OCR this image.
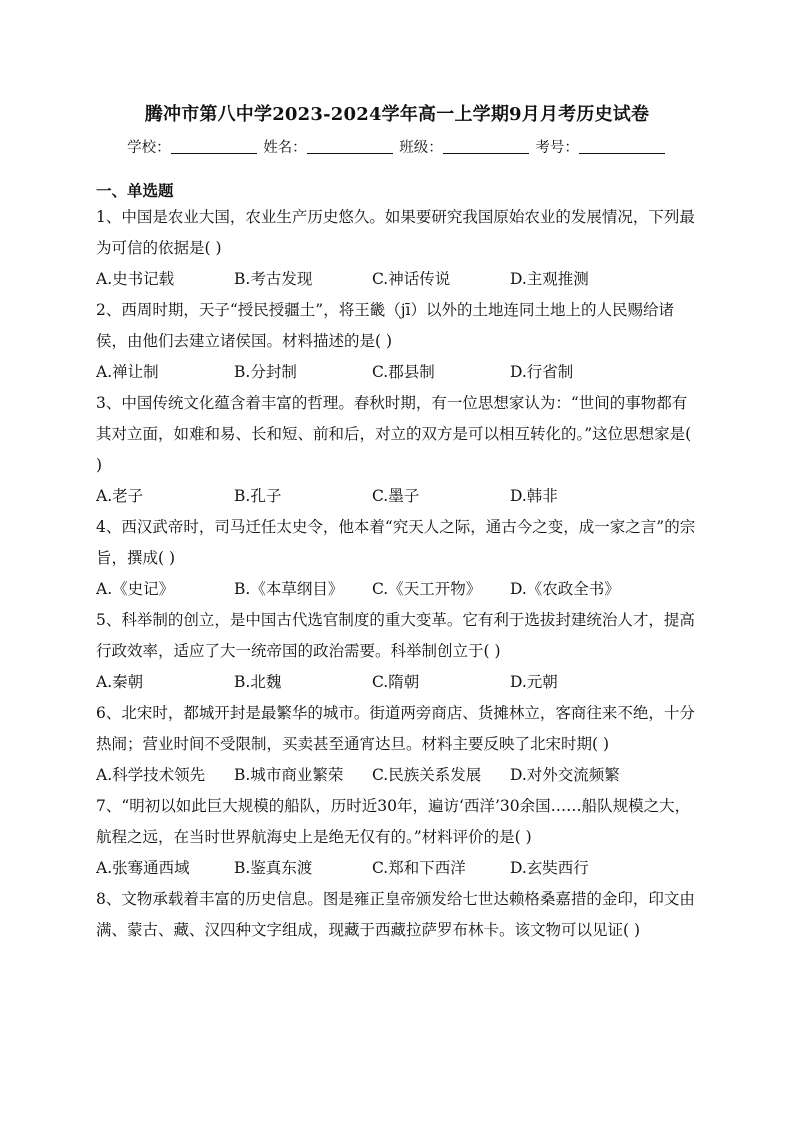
腾冲市第八中学2023-2024学年高一上学期9月月考历史试卷
学校：	姓名：	班级：	考号：
一、单选题
1、中国是农业大国，农业生产历史悠久。如果要研究我国原始农业的发展情况，下列最为可信的依据是( )
A.史书记载	B.考古发现	C.神话传说	D.主观推测
2、西周时期，天子“授民授疆土”，将王畿（jī）以外的土地连同土地上的人民赐给诸侯，由他们去建立诸侯国。材料描述的是( )
A.禅让制	B.分封制	C.郡县制	D.行省制
3、中国传统文化蕴含着丰富的哲理。春秋时期，有一位思想家认为：“世间的事物都有其对立面，如难和易、长和短、前和后，对立的双方是可以相互转化的。”这位思想家是( )
A.老子	B.孔子	C.墨子	D.韩非
4、西汉武帝时，司马迁任太史令，他本着“究天人之际，通古今之变，成一家之言”的宗旨，撰成( )
A.《史记》	B.《本草纲目》	C.《天工开物》	D.《农政全书》
5、科举制的创立，是中国古代选官制度的重大变革。它有利于选拔封建统治人才，提高行政效率，适应了大一统帝国的政治需要。科举制创立于( )
A.秦朝	B.北魏	C.隋朝	D.元朝
6、北宋时，都城开封是最繁华的城市。街道两旁商店、货摊林立，客商往来不绝，十分热闹；营业时间不受限制，买卖甚至通宵达旦。材料主要反映了北宋时期( )
A.科学技术领先	B.城市商业繁荣	C.民族关系发展	D.对外交流频繁
7、“明初以如此巨大规模的船队，历时近30年，遍访‘西洋’30余国……船队规模之大，航程之远，在当时世界航海史上是绝无仅有的。”材料评价的是( )
A.张骞通西域	B.鉴真东渡	C.郑和下西洋	D.玄奘西行
8、文物承载着丰富的历史信息。图是雍正皇帝颁发给七世达赖格桑嘉措的金印，印文由满、蒙古、藏、汉四种文字组成，现藏于西藏拉萨罗布林卡。该文物可以见证( )
